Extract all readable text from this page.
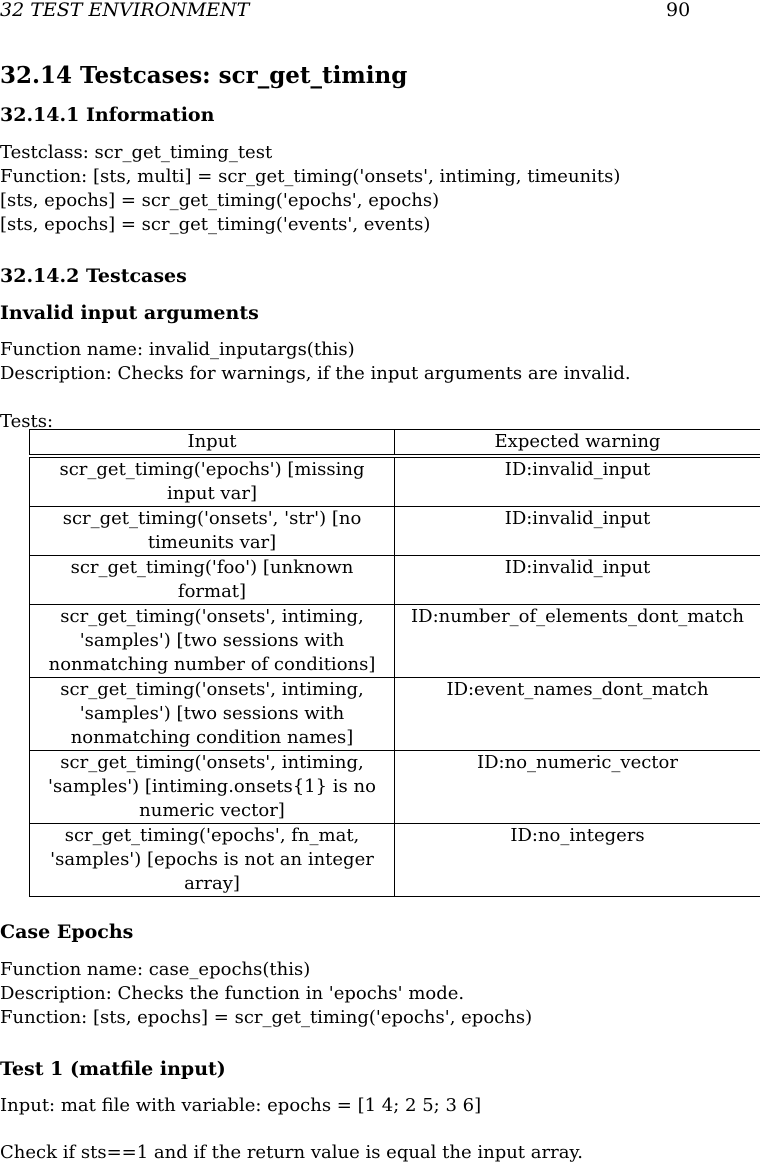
32 TEST ENVIRONMENT	90
32.14 Testcases: scr_get_timing
32.14.1 Information
Testclass: scr_get_timing_test
Function: [sts, multi] = scr_get_timing('onsets', intiming, timeunits)
[sts, epochs] = scr_get_timing('epochs', epochs)
[sts, epochs] = scr_get_timing('events', events)
32.14.2 Testcases
Invalid input arguments
Function name: invalid_inputargs(this)
Description: Checks for warnings, if the input arguments are invalid.
Tests:
Input	Expected warning

scr_get_timing('epochs') [missing input var]	ID:invalid_input
scr_get_timing('onsets', 'str') [no timeunits var]	ID:invalid_input
scr_get_timing('foo') [unknown format]	ID:invalid_input
scr_get_timing('onsets', intiming, 'samples') [two sessions with nonmatching number of conditions]	ID:number_of_elements_dont_match
scr_get_timing('onsets', intiming, 'samples') [two sessions with nonmatching condition names]	ID:event_names_dont_match
scr_get_timing('onsets', intiming, 'samples') [intiming.onsets{1} is no numeric vector]	ID:no_numeric_vector
scr_get_timing('epochs', fn_mat, 'samples') [epochs is not an integer array]	ID:no_integers
Case Epochs
Function name: case_epochs(this)
Description: Checks the function in 'epochs' mode.
Function: [sts, epochs] = scr_get_timing('epochs', epochs)
Test 1 (matfile input)
Input: mat file with variable: epochs = [1 4; 2 5; 3 6]
Check if sts==1 and if the return value is equal the input array.
